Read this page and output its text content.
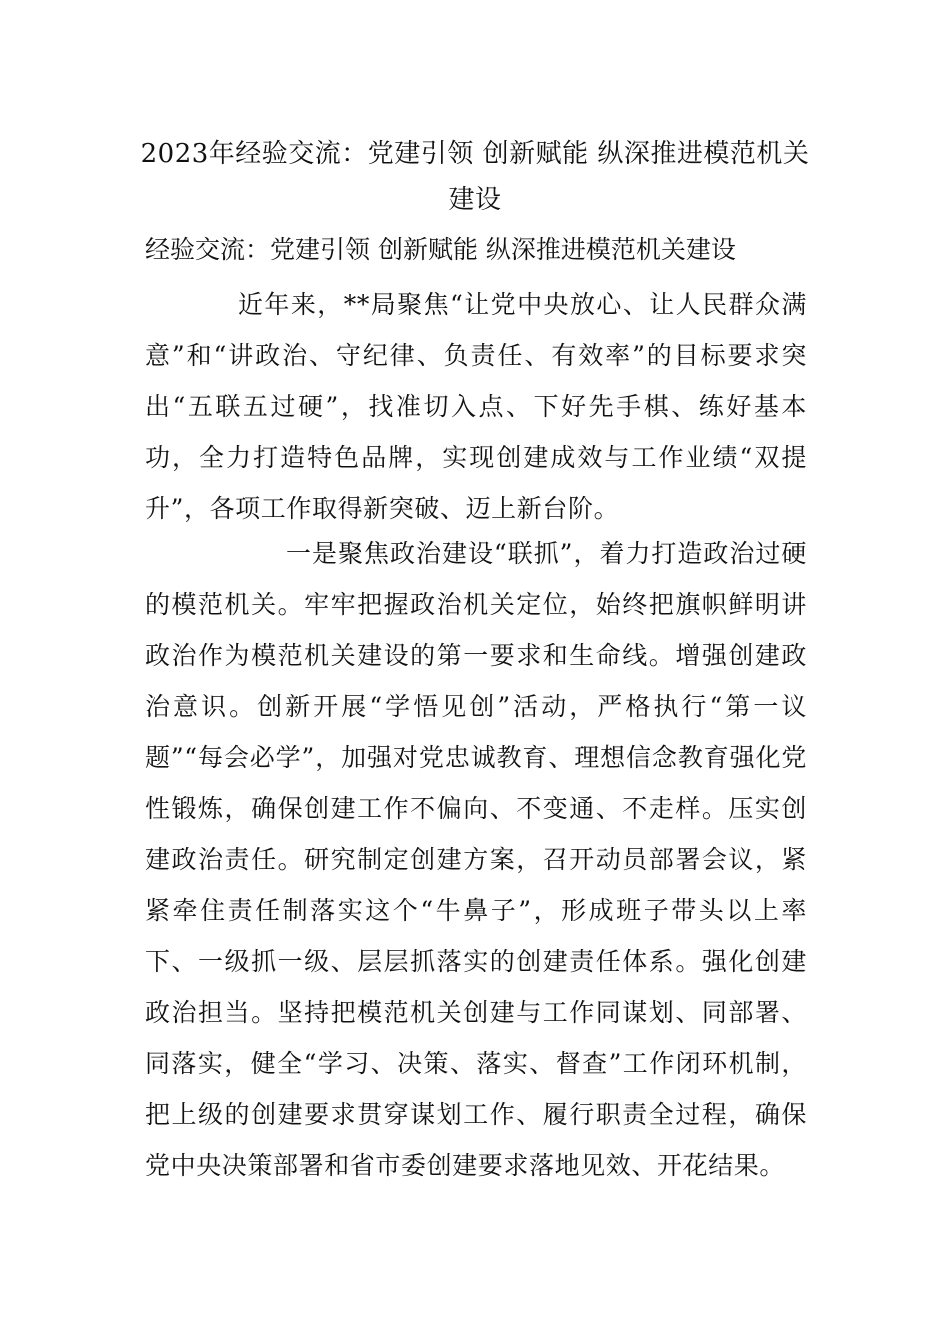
2023年经验交流：党建引领 创新赋能 纵深推进模范机关建设

经验交流：党建引领 创新赋能 纵深推进模范机关建设

近年来，**局聚焦“让党中央放心、让人民群众满意”和“讲政治、守纪律、负责任、有效率”的目标要求突出“五联五过硬”，找准切入点、下好先手棋、练好基本功，全力打造特色品牌，实现创建成效与工作业绩“双提升”，各项工作取得新突破、迈上新台阶。

一是聚焦政治建设“联抓”，着力打造政治过硬的模范机关。牢牢把握政治机关定位，始终把旗帜鲜明讲政治作为模范机关建设的第一要求和生命线。增强创建政治意识。创新开展“学悟见创”活动，严格执行“第一议题”“每会必学”，加强对党忠诚教育、理想信念教育强化党性锻炼，确保创建工作不偏向、不变通、不走样。压实创建政治责任。研究制定创建方案，召开动员部署会议，紧紧牵住责任制落实这个“牛鼻子”，形成班子带头以上率下、一级抓一级、层层抓落实的创建责任体系。强化创建政治担当。坚持把模范机关创建与工作同谋划、同部署、同落实，健全“学习、决策、落实、督查”工作闭环机制，把上级的创建要求贯穿谋划工作、履行职责全过程，确保党中央决策部署和省市委创建要求落地见效、开花结果。
